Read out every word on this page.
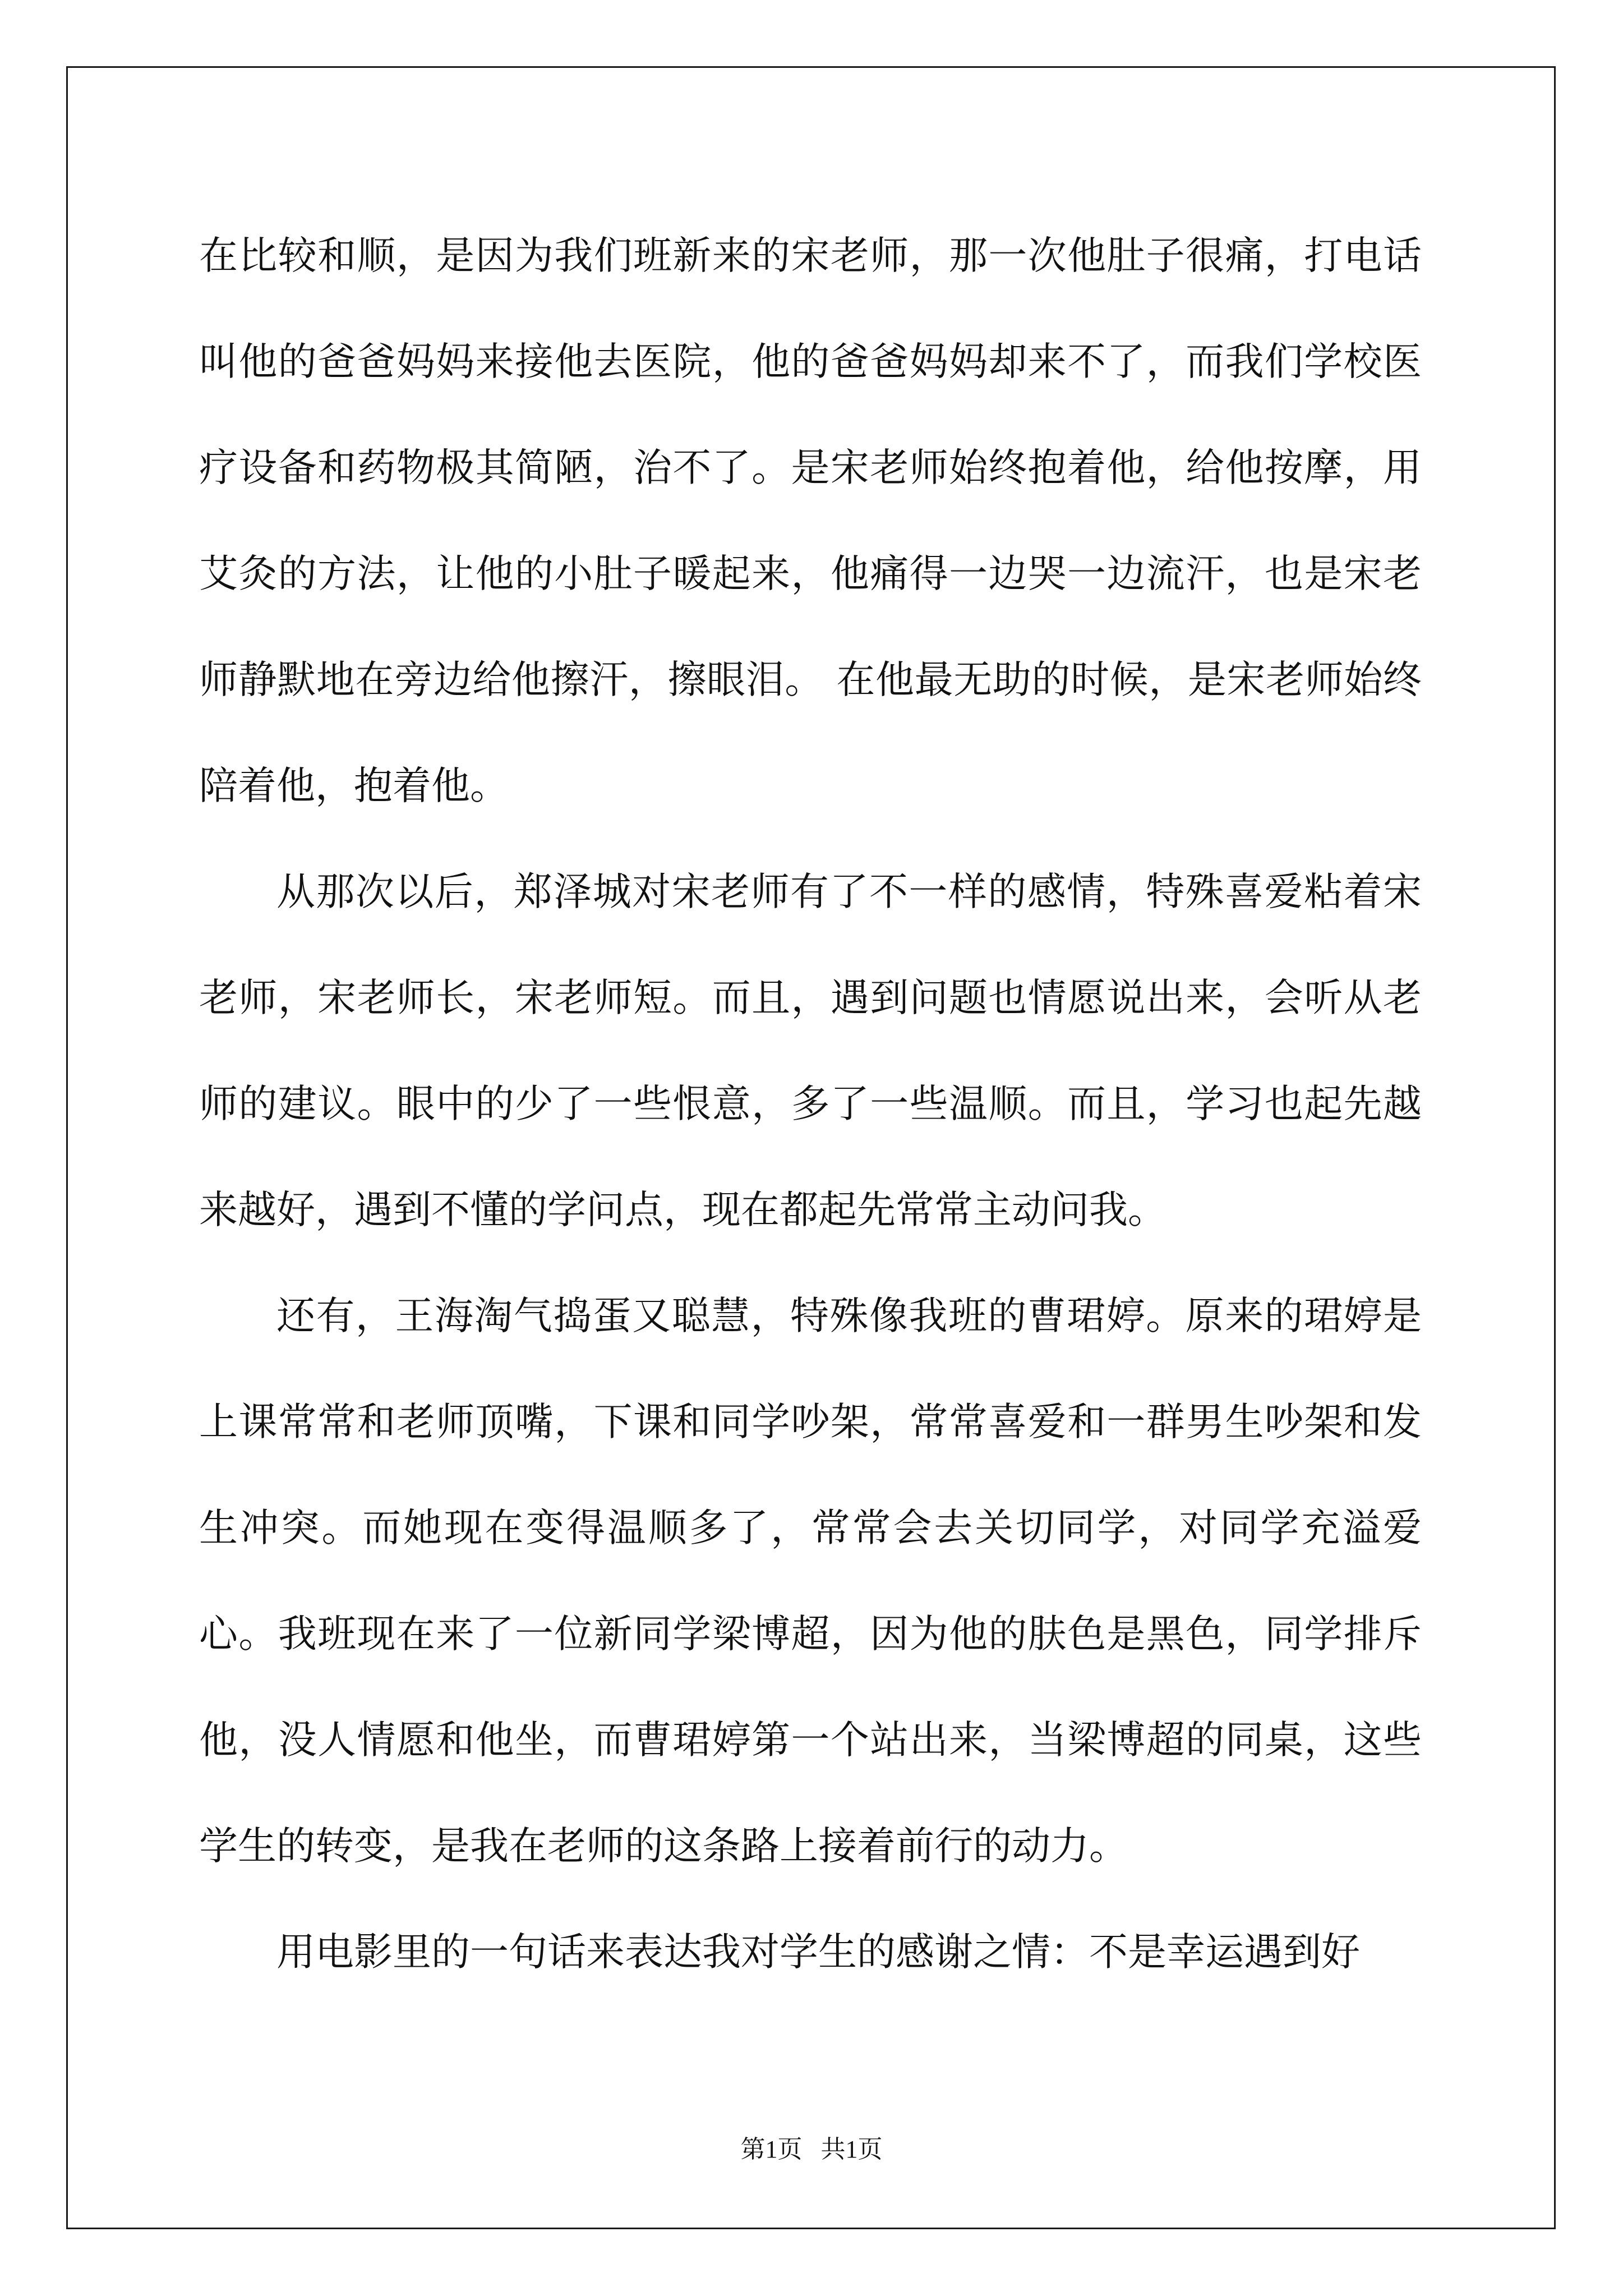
在比较和顺，是因为我们班新来的宋老师，那一次他肚子很痛，打电话叫他的爸爸妈妈来接他去医院，他的爸爸妈妈却来不了，而我们学校医疗设备和药物极其简陋，治不了。是宋老师始终抱着他，给他按摩，用艾灸的方法，让他的小肚子暖起来，他痛得一边哭一边流汗，也是宋老师静默地在旁边给他擦汗，擦眼泪。 在他最无助的时候，是宋老师始终陪着他，抱着他。

从那次以后，郑泽城对宋老师有了不一样的感情，特殊喜爱粘着宋老师，宋老师长，宋老师短。而且，遇到问题也情愿说出来，会听从老师的建议。眼中的少了一些恨意，多了一些温顺。而且，学习也起先越来越好，遇到不懂的学问点，现在都起先常常主动问我。

还有，王海淘气捣蛋又聪慧，特殊像我班的曹珺婷。原来的珺婷是上课常常和老师顶嘴，下课和同学吵架，常常喜爱和一群男生吵架和发生冲突。而她现在变得温顺多了，常常会去关切同学，对同学充溢爱心。我班现在来了一位新同学梁博超，因为他的肤色是黑色，同学排斥他，没人情愿和他坐，而曹珺婷第一个站出来，当梁博超的同桌，这些学生的转变，是我在老师的这条路上接着前行的动力。

用电影里的一句话来表达我对学生的感谢之情：不是幸运遇到好

第1页   共1页
